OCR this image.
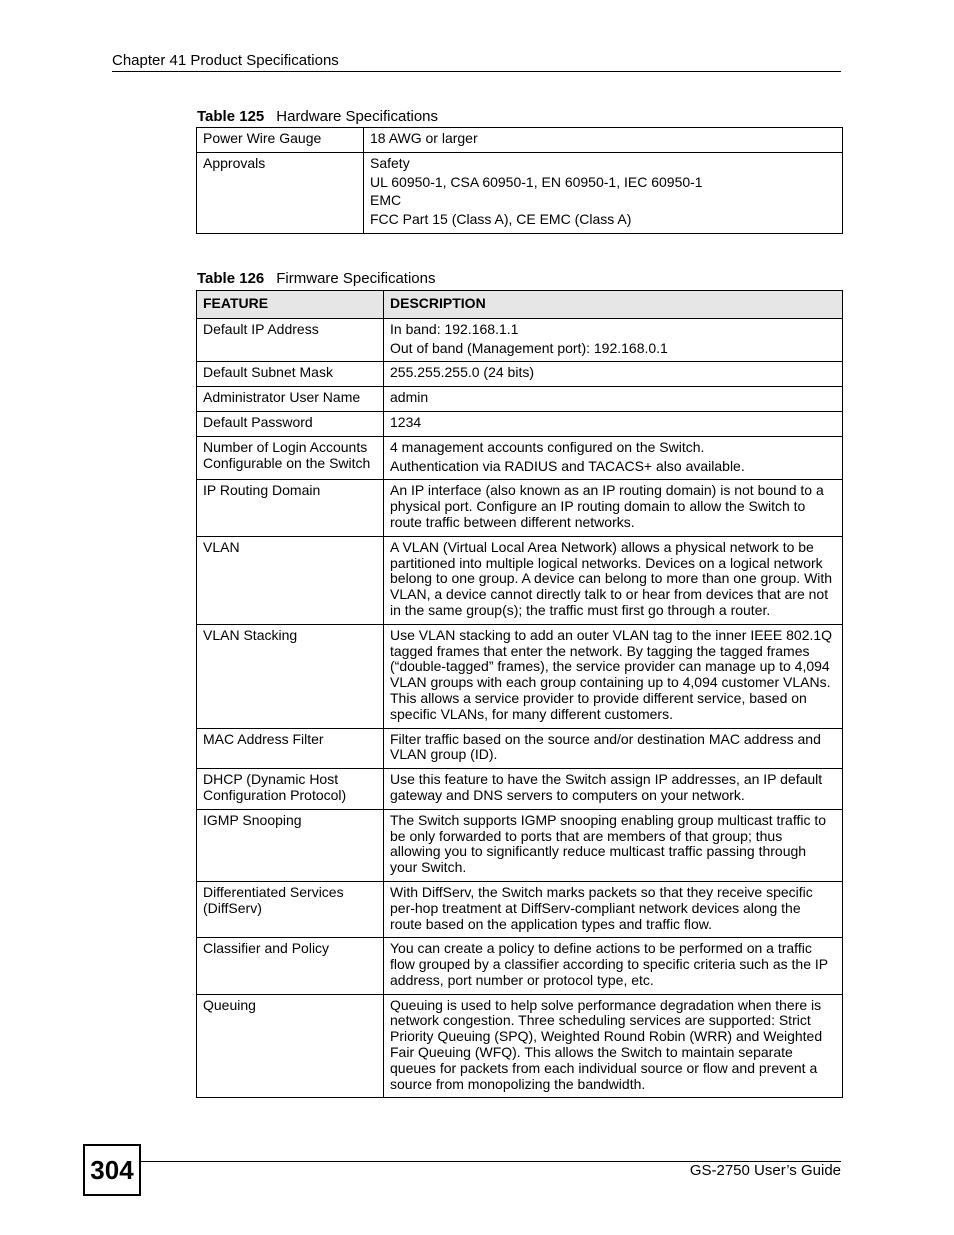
Chapter 41 Product Specifications
Table 125 Hardware Specifications
Power Wire Gauge	18 AWG or larger

Approvals	Safety
UL 60950-1, CSA 60950-1, EN 60950-1, IEC 60950-1
EMC
FCC Part 15 (Class A), CE EMC (Class A)
Table 126 Firmware Specifications
FEATURE	DESCRIPTION
Default IP Address	In band: 192.168.1.1
Out of band (Management port): 192.168.0.1

Default Subnet Mask	255.255.255.0 (24 bits)

Administrator User Name	admin

Default Password	1234

Number of Login Accounts Configurable on the Switch	4 management accounts configured on the Switch.
Authentication via RADIUS and TACACS+ also available.

IP Routing Domain	An IP interface (also known as an IP routing domain) is not bound to a physical port. Configure an IP routing domain to allow the Switch to route traffic between different networks.

VLAN	A VLAN (Virtual Local Area Network) allows a physical network to be partitioned into multiple logical networks. Devices on a logical network belong to one group. A device can belong to more than one group. With VLAN, a device cannot directly talk to or hear from devices that are not in the same group(s); the traffic must first go through a router.

VLAN Stacking	Use VLAN stacking to add an outer VLAN tag to the inner IEEE 802.1Q tagged frames that enter the network. By tagging the tagged frames (“double-tagged” frames), the service provider can manage up to 4,094 VLAN groups with each group containing up to 4,094 customer VLANs. This allows a service provider to provide different service, based on specific VLANs, for many different customers.

MAC Address Filter	Filter traffic based on the source and/or destination MAC address and VLAN group (ID).

DHCP (Dynamic Host Configuration Protocol)	Use this feature to have the Switch assign IP addresses, an IP default gateway and DNS servers to computers on your network.

IGMP Snooping	The Switch supports IGMP snooping enabling group multicast traffic to be only forwarded to ports that are members of that group; thus allowing you to significantly reduce multicast traffic passing through your Switch.

Differentiated Services (DiffServ)	With DiffServ, the Switch marks packets so that they receive specific per-hop treatment at DiffServ-compliant network devices along the route based on the application types and traffic flow.

Classifier and Policy	You can create a policy to define actions to be performed on a traffic flow grouped by a classifier according to specific criteria such as the IP address, port number or protocol type, etc.

Queuing	Queuing is used to help solve performance degradation when there is network congestion. Three scheduling services are supported: Strict Priority Queuing (SPQ), Weighted Round Robin (WRR) and Weighted Fair Queuing (WFQ). This allows the Switch to maintain separate queues for packets from each individual source or flow and prevent a source from monopolizing the bandwidth.
304	GS-2750 User’s Guide
